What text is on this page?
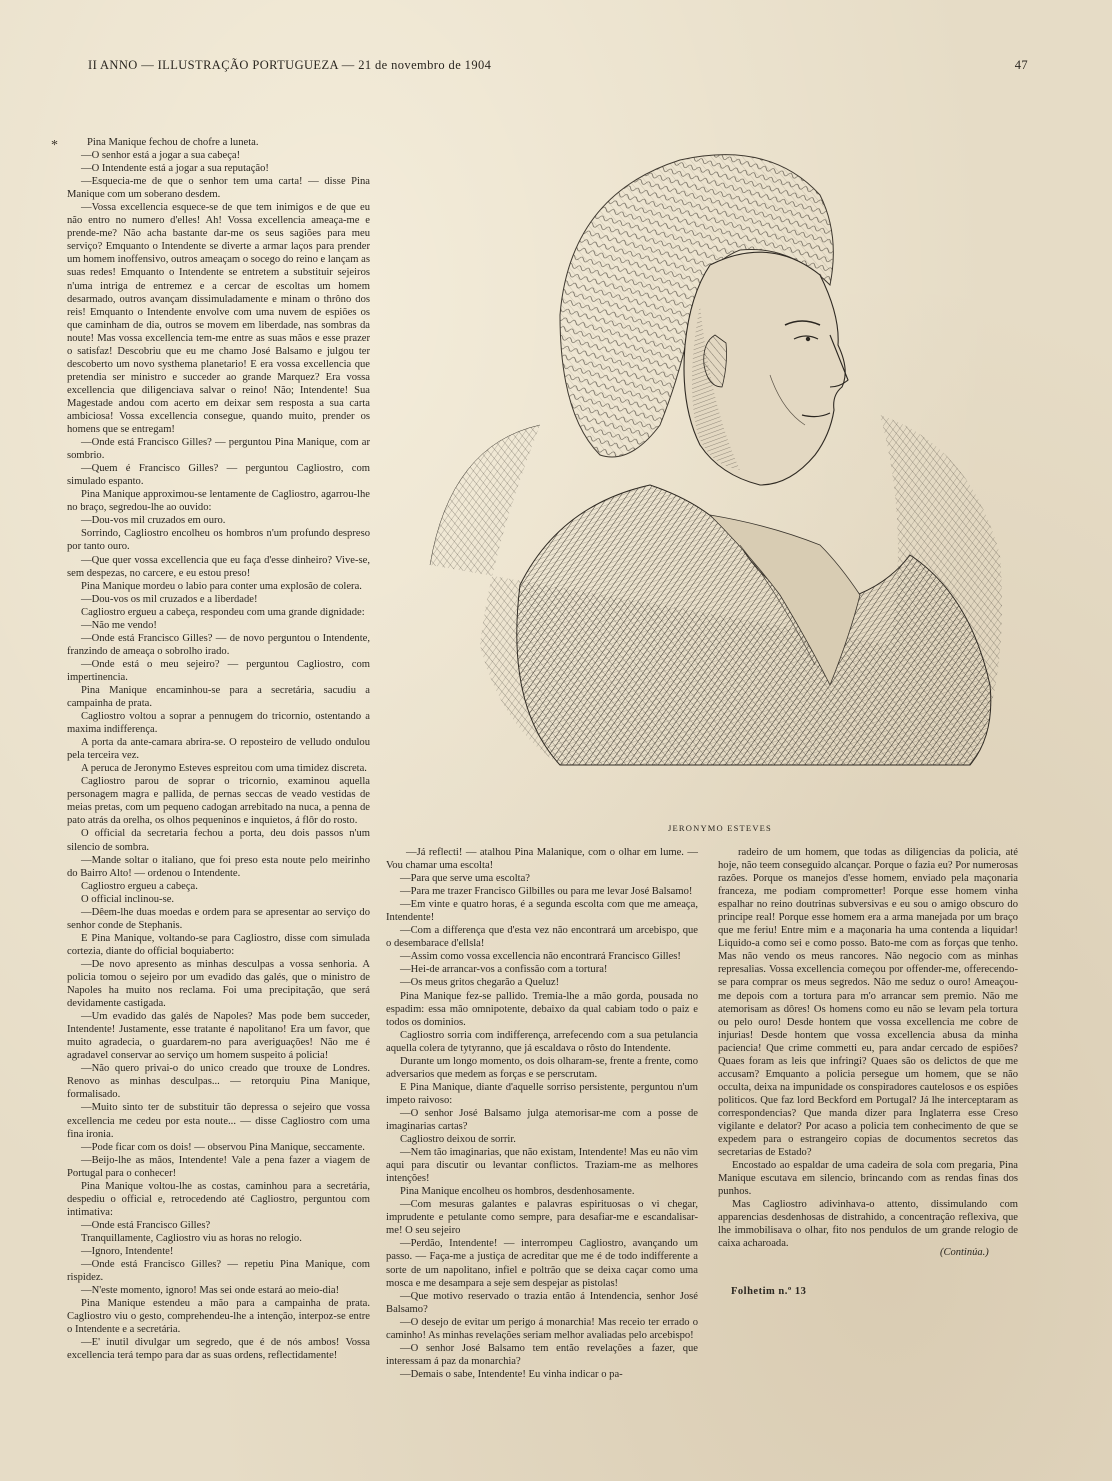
II ANNO — ILLUSTRAÇÃO PORTUGUEZA — 21 de novembro de 1904	47
*	Pina Manique fechou de chofre a luneta.

—O senhor está a jogar a sua cabeça!

—O Intendente está a jogar a sua reputação!

—Esquecia-me de que o senhor tem uma carta! — disse Pina Manique com um soberano desdem.

—Vossa excellencia esquece-se de que tem inimigos e de que eu não entro no numero d'elles! Ah! Vossa excellencia ameaça-me e prende-me? Não acha bastante dar-me os seus sagiões para meu serviço? Emquanto o Intendente se diverte a armar laços para prender um homem inoffensivo, outros ameaçam o socego do reino e lançam as suas redes! Emquanto o Intendente se entretem a substituir sejeiros n'uma intriga de entremez e a cercar de escoltas um homem desarmado, outros avançam dissimuladamente e minam o thrôno dos reis! Emquanto o Intendente envolve com uma nuvem de espiões os que caminham de dia, outros se movem em liberdade, nas sombras da noute! Mas vossa excellencia tem-me entre as suas mãos e esse prazer o satisfaz! Descobriu que eu me chamo José Balsamo e julgou ter descoberto um novo systhema planetario! E era vossa excellencia que pretendia ser ministro e succeder ao grande Marquez? Era vossa excellencia que diligenciava salvar o reino! Não; Intendente! Sua Magestade andou com acerto em deixar sem resposta a sua carta ambiciosa! Vossa excellencia consegue, quando muito, prender os homens que se entregam!

—Onde está Francisco Gilles? — perguntou Pina Manique, com ar sombrio.

—Quem é Francisco Gilles? — perguntou Cagliostro, com simulado espanto.

Pina Manique approximou-se lentamente de Cagliostro, agarrou-lhe no braço, segredou-lhe ao ouvido:

—Dou-vos mil cruzados em ouro.

Sorrindo, Cagliostro encolheu os hombros n'um profundo despreso por tanto ouro.

—Que quer vossa excellencia que eu faça d'esse dinheiro? Vive-se, sem despezas, no carcere, e eu estou preso!

Pina Manique mordeu o labio para conter uma explosão de colera.

—Dou-vos os mil cruzados e a liberdade!

Cagliostro ergueu a cabeça, respondeu com uma grande dignidade:

—Não me vendo!

—Onde está Francisco Gilles? — de novo perguntou o Intendente, franzindo de ameaça o sobrolho irado.

—Onde está o meu sejeiro? — perguntou Cagliostro, com impertinencia.

Pina Manique encaminhou-se para a secretária, sacudiu a campainha de prata.

Cagliostro voltou a soprar a pennugem do tricornio, ostentando a maxima indifferença.

A porta da ante-camara abrira-se. O reposteiro de velludo ondulou pela terceira vez.

A peruca de Jeronymo Esteves espreitou com uma timidez discreta.

Cagliostro parou de soprar o tricornio, examinou aquella personagem magra e pallida, de pernas seccas de veado vestidas de meias pretas, com um pequeno cadogan arrebitado na nuca, a penna de pato atrás da orelha, os olhos pequeninos e inquietos, á flôr do rosto.

O official da secretaria fechou a porta, deu dois passos n'um silencio de sombra.

—Mande soltar o italiano, que foi preso esta noute pelo meirinho do Bairro Alto! — ordenou o Intendente.

Cagliostro ergueu a cabeça.

O official inclinou-se.

—Dêem-lhe duas moedas e ordem para se apresentar ao serviço do senhor conde de Stephanis.

E Pina Manique, voltando-se para Cagliostro, disse com simulada cortezia, diante do official boquiaberto:

—De novo apresento as minhas desculpas a vossa senhoria. A policia tomou o sejeiro por um evadido das galés, que o ministro de Napoles ha muito nos reclama. Foi uma precipitação, que será devidamente castigada.

—Um evadido das galés de Napoles? Mas pode bem succeder, Intendente! Justamente, esse tratante é napolitano! Era um favor, que muito agradecia, o guardarem-no para averiguações! Não me é agradavel conservar ao serviço um homem suspeito á policia!

—Não quero privai-o do unico creado que trouxe de Londres. Renovo as minhas desculpas... — retorquiu Pina Manique, formalisado.

—Muito sinto ter de substituir tão depressa o sejeiro que vossa excellencia me cedeu por esta noute... — disse Cagliostro com uma fina ironia.

—Pode ficar com os dois! — observou Pina Manique, seccamente.

—Beijo-lhe as mãos, Intendente! Vale a pena fazer a viagem de Portugal para o conhecer!

Pina Manique voltou-lhe as costas, caminhou para a secretária, despediu o official e, retrocedendo até Cagliostro, perguntou com intimativa:

—Onde está Francisco Gilles?

Tranquillamente, Cagliostro viu as horas no relogio.

—Ignoro, Intendente!

—Onde está Francisco Gilles? — repetiu Pina Manique, com rispidez.

—N'este momento, ignoro! Mas sei onde estará ao meio-dia!

Pina Manique estendeu a mão para a campainha de prata. Cagliostro viu o gesto, comprehendeu-lhe a intenção, interpoz-se entre o Intendente e a secretária.

—E' inutil divulgar um segredo, que é de nós ambos! Vossa excellencia terá tempo para dar as suas ordens, reflectidamente!

JERONYMO ESTEVES

—Já reflecti! — atalhou Pina Malanique, com o olhar em lume. — Vou chamar uma escolta!

—Para que serve uma escolta?

—Para me trazer Francisco Gilbilles ou para me levar José Balsamo!

—Em vinte e quatro horas, é a segunda escolta com que me ameaça, Intendente!

—Com a differença que d'esta vez não encontrará um arcebispo, que o desembarace d'ellsla!

—Assim como vossa excellencia não encontrará Francisco Gilles!

—Hei-de arrancar-vos a confissão com a tortura!

—Os meus gritos chegarão a Queluz!

Pina Manique fez-se pallido. Tremia-lhe a mão gorda, pousada no espadim: essa mão omnipotente, debaixo da qual cabiam todo o paiz e todos os dominios.

Cagliostro sorria com indifferença, arrefecendo com a sua petulancia aquella colera de tytyranno, que já escaldava o rôsto do Intendente.

Durante um longo momento, os dois olharam-se, frente a frente, como adversarios que medem as forças e se perscrutam.

E Pina Manique, diante d'aquelle sorriso persistente, perguntou n'um impeto raivoso:

—O senhor José Balsamo julga atemorisar-me com a posse de imaginarias cartas?

Cagliostro deixou de sorrir.

—Nem tão imaginarias, que não existam, Intendente! Mas eu não vim aqui para discutir ou levantar conflictos. Traziam-me as melhores intenções!

Pina Manique encolheu os hombros, desdenhosamente.

—Com mesuras galantes e palavras espirituosas o vi chegar, imprudente e petulante como sempre, para desafiar-me e escandalisar-me! O seu sejeiro

—Perdão, Intendente! — interrompeu Cagliostro, avançando um passo. — Faça-me a justiça de acreditar que me é de todo indifferente a sorte de um napolitano, infiel e poltrão que se deixa caçar como uma mosca e me desampara a seje sem despejar as pistolas!

—Que motivo reservado o trazia então á Intendencia, senhor José Balsamo?

—O desejo de evitar um perigo á monarchia! Mas receio ter errado o caminho! As minhas revelações seriam melhor avaliadas pelo arcebispo!

—O senhor José Balsamo tem então revelações a fazer, que interessam á paz da monarchia?

—Demais o sabe, Intendente! Eu vinha indicar o pa-

radeiro de um homem, que todas as diligencias da policia, até hoje, não teem conseguido alcançar. Porque o fazia eu? Por numerosas razões. Porque os manejos d'esse homem, enviado pela maçonaria franceza, me podiam comprometter! Porque esse homem vinha espalhar no reino doutrinas subversivas e eu sou o amigo obscuro do principe real! Porque esse homem era a arma manejada por um braço que me feriu! Entre mim e a maçonaria ha uma contenda a liquidar! Liquido-a como sei e como posso. Bato-me com as forças que tenho. Mas não vendo os meus rancores. Não negocio com as minhas represalias. Vossa excellencia começou por offender-me, offerecendo-se para comprar os meus segredos. Não me seduz o ouro! Ameaçou-me depois com a tortura para m'o arrancar sem premio. Não me atemorisam as dôres! Os homens como eu não se levam pela tortura ou pelo ouro! Desde hontem que vossa excellencia me cobre de injurias! Desde hontem que vossa excellencia abusa da minha paciencia! Que crime commetti eu, para andar cercado de espiões? Quaes foram as leis que infringi? Quaes são os delictos de que me accusam? Emquanto a policia persegue um homem, que se não occulta, deixa na impunidade os conspiradores cautelosos e os espiões politicos. Que faz lord Beckford em Portugal? Já lhe interceptaram as correspondencias? Que manda dizer para Inglaterra esse Creso vigilante e delator? Por acaso a policia tem conhecimento de que se expedem para o estrangeiro copias de documentos secretos das secretarias de Estado?

Encostado ao espaldar de uma cadeira de sola com pregaria, Pina Manique escutava em silencio, brincando com as rendas finas dos punhos.

Mas Cagliostro adivinhava-o attento, dissimulando com apparencias desdenhosas de distrahido, a concentração reflexiva, que lhe immobilisava o olhar, fito nos pendulos de um grande relogio de caixa acharoada.

(Continúa.)
Folhetim n.º 13
